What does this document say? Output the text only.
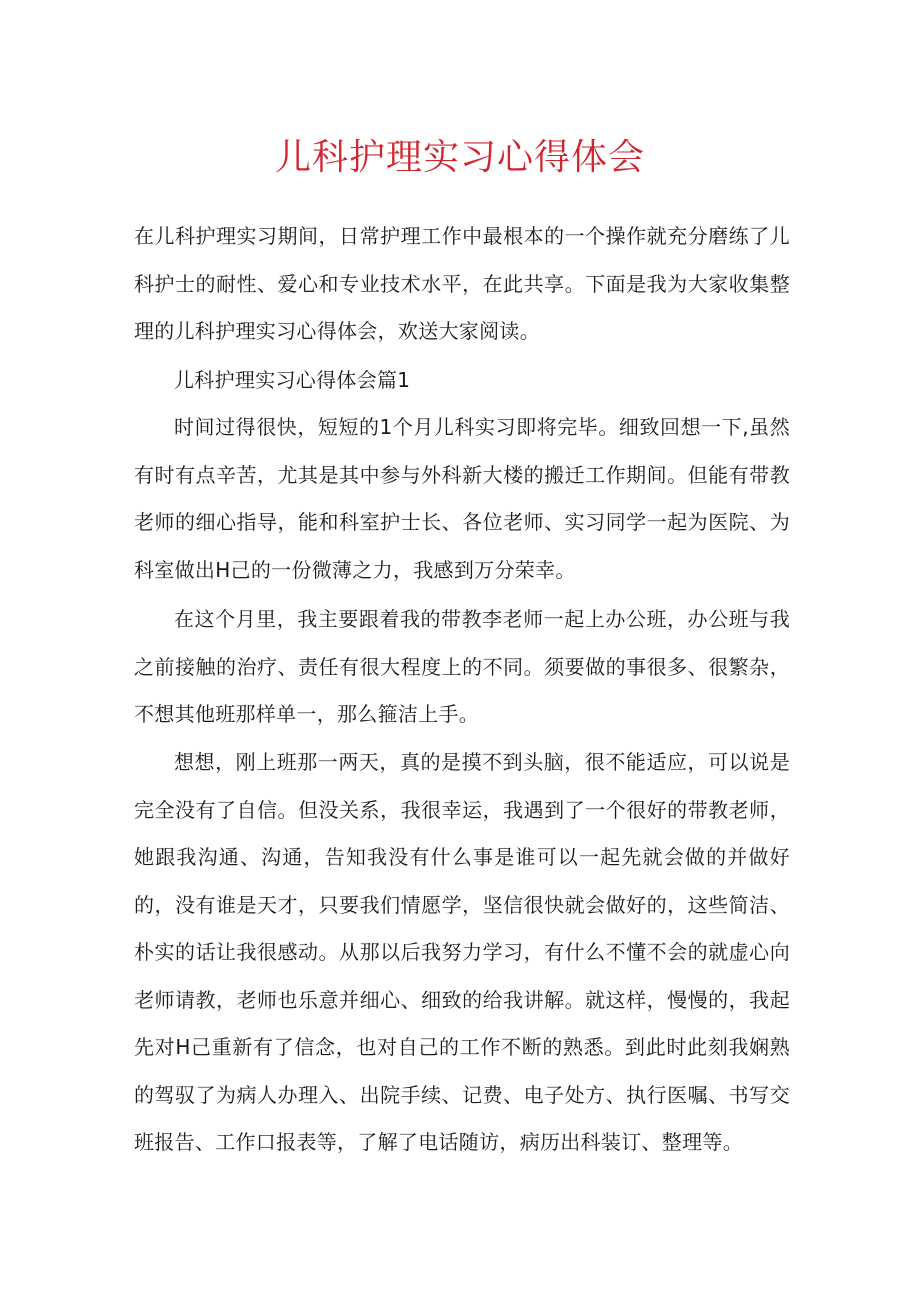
儿科护理实习心得体会

在儿科护理实习期间，日常护理工作中最根本的一个操作就充分磨练了儿科护士的耐性、爱心和专业技术水平，在此共享。下面是我为大家收集整理的儿科护理实习心得体会，欢送大家阅读。

儿科护理实习心得体会篇1

时间过得很快，短短的1个月儿科实习即将完毕。细致回想一下,虽然有时有点辛苦，尤其是其中参与外科新大楼的搬迁工作期间。但能有带教老师的细心指导，能和科室护士长、各位老师、实习同学一起为医院、为科室做出H己的一份微薄之力，我感到万分荣幸。

在这个月里，我主要跟着我的带教李老师一起上办公班，办公班与我之前接触的治疗、责任有很大程度上的不同。须要做的事很多、很繁杂，不想其他班那样单一，那么箍洁上手。

想想，刚上班那一两天，真的是摸不到头脑，很不能适应，可以说是完全没有了自信。但没关系，我很幸运，我遇到了一个很好的带教老师，她跟我沟通、沟通，告知我没有什么事是谁可以一起先就会做的并做好的，没有谁是天才，只要我们情愿学，坚信很快就会做好的，这些简洁、朴实的话让我很感动。从那以后我努力学习，有什么不懂不会的就虚心向老师请教，老师也乐意并细心、细致的给我讲解。就这样，慢慢的，我起先对H己重新有了信念，也对自己的工作不断的熟悉。到此时此刻我娴熟的驾驭了为病人办理入、出院手续、记费、电子处方、执行医嘱、书写交班报告、工作口报表等，了解了电话随访，病历出科装订、整理等。
